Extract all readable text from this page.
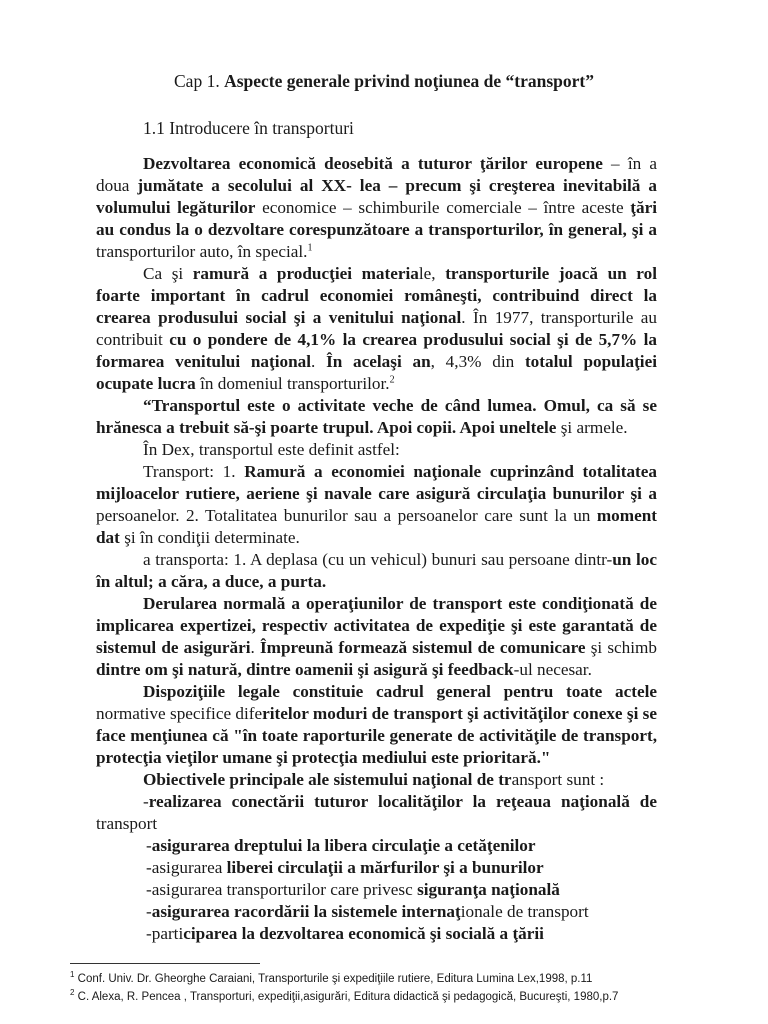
Cap 1. Aspecte generale privind noţiunea de “transport”
1.1 Introducere în transporturi

Dezvoltarea economică deosebită a tuturor ţărilor europene – în a doua jumătate a secolului al XX- lea – precum şi creşterea inevitabilă a volumului legăturilor economice – schimburile comerciale – între aceste ţări au condus la o dezvoltare corespunzătoare a transporturilor, în general, şi a transporturilor auto, în special.$^1$

Ca şi ramură a producţiei materiale, transporturile joacă un rol foarte important în cadrul economiei româneşti, contribuind direct la crearea produsului social şi a venitului naţional. În 1977, transporturile au contribuit cu o pondere de 4,1% la crearea produsului social şi de 5,7% la formarea venitului naţional. În acelaşi an, 4,3% din totalul populaţiei ocupate lucra în domeniul transporturilor.$^2$

“Transportul este o activitate veche de când lumea. Omul, ca să se hrănesca a trebuit să-şi poarte trupul. Apoi copii. Apoi uneltele şi armele.

În Dex, transportul este definit astfel:

Transport: 1. Ramură a economiei naţionale cuprinzând totalitatea mijloacelor rutiere, aeriene şi navale care asigură circulaţia bunurilor şi a persoanelor. 2. Totalitatea bunurilor sau a persoanelor care sunt la un moment dat şi în condiţii determinate.

a transporta: 1. A deplasa (cu un vehicul) bunuri sau persoane dintr-un loc în altul; a căra, a duce, a purta.

Derularea normală a operaţiunilor de transport este condiţionată de implicarea expertizei, respectiv activitatea de expediţie şi este garantată de sistemul de asigurări. Împreună formează sistemul de comunicare şi schimb dintre om şi natură, dintre oamenii şi asigură şi feedback-ul necesar.

Dispoziţiile legale constituie cadrul general pentru toate actele normative specifice diferitelor moduri de transport şi activităţilor conexe şi se face menţiunea că "în toate raporturile generate de activităţile de transport, protecţia vieţilor umane şi protecţia mediului este prioritară."

Obiectivele principale ale sistemului naţional de transport sunt :

-realizarea conectării tuturor localităţilor la reţeaua naţională de transport

-asigurarea dreptului la libera circulaţie a cetăţenilor

-asigurarea liberei circulaţii a mărfurilor şi a bunurilor

-asigurarea transporturilor care privesc siguranţa naţională

-asigurarea racordării la sistemele internaţionale de transport

-participarea la dezvoltarea economică şi socială a ţării

$^1$ Conf. Univ. Dr. Gheorghe Caraiani, Transporturile şi expediţiile rutiere, Editura Lumina Lex,1998, p.11
$^2$ C. Alexa, R. Pencea , Transporturi, expediţii,asigurări, Editura didactică şi pedagogică, Bucureşti, 1980,p.7
